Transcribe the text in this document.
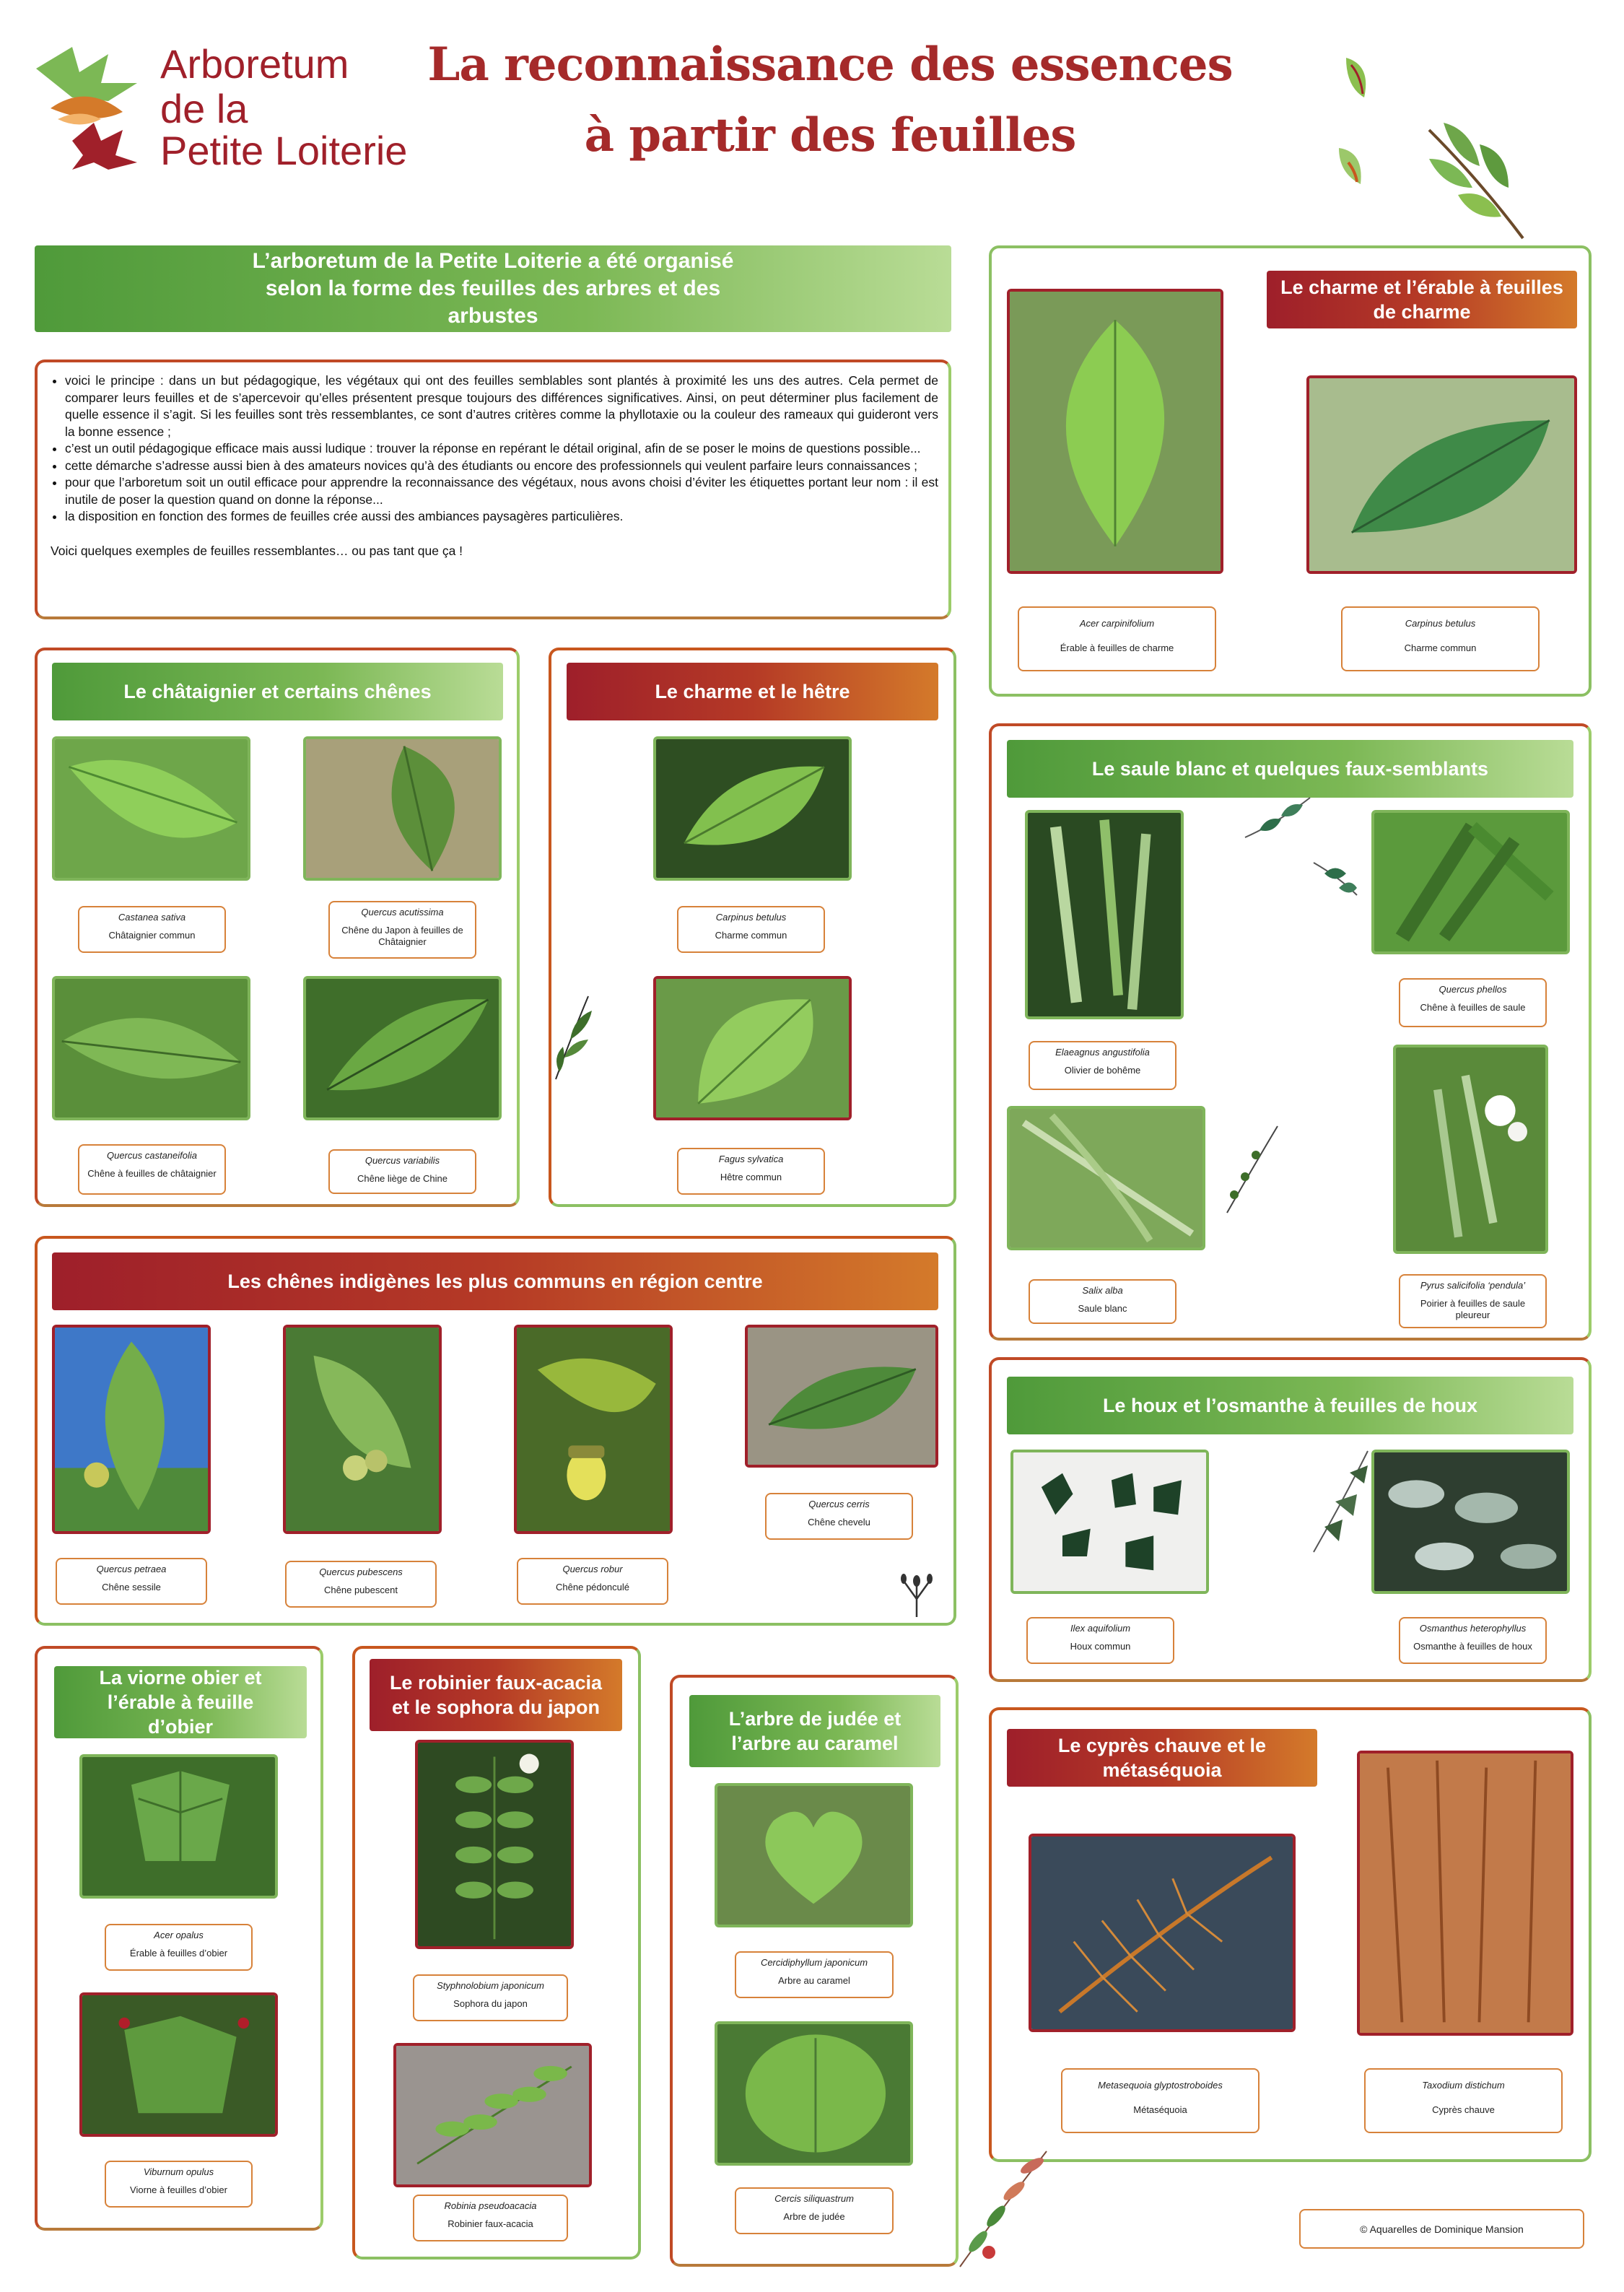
Arboretum
de la
Petite Loiterie
La reconnaissance des essences
à partir des feuilles
L’arboretum de la Petite Loiterie a été organisé selon la forme des feuilles des arbres et des arbustes
• voici le principe : dans un but pédagogique, les végétaux qui ont des feuilles semblables sont plantés à proximité les uns des autres. Cela permet de comparer leurs feuilles et de s’apercevoir qu’elles présentent presque toujours des différences significatives. Ainsi, on peut déterminer plus facilement de quelle essence il s’agit. Si les feuilles sont très ressemblantes, ce sont d’autres critères comme la phyllotaxie ou la couleur des rameaux qui guideront vers la bonne essence ;
• c’est un outil pédagogique efficace mais aussi ludique : trouver la réponse en repérant le détail original, afin de se poser le moins de questions possible...
• cette démarche s’adresse aussi bien à des amateurs novices qu’à des étudiants ou encore des professionnels qui veulent parfaire leurs connaissances ;
• pour que l’arboretum soit un outil efficace pour apprendre la reconnaissance des végétaux, nous avons choisi d’éviter les étiquettes portant leur nom : il est inutile de poser la question quand on donne la réponse...
• la disposition en fonction des formes de feuilles crée aussi des ambiances paysagères particulières.
Voici quelques exemples de feuilles ressemblantes… ou pas tant que ça !
Le châtaignier et certains chênes
Castanea sativa
Châtaignier commun
Quercus acutissima
Chêne du Japon à feuilles de Châtaignier
Quercus castaneifolia
Chêne à feuilles de châtaignier
Quercus variabilis
Chêne liège de Chine
Le charme et le hêtre
Carpinus betulus
Charme commun
Fagus sylvatica
Hêtre commun
Le charme et l’érable à feuilles de charme
Acer carpinifolium
Érable à feuilles de charme
Carpinus betulus
Charme commun
Le saule blanc et quelques faux-semblants
Quercus phellos
Chêne à feuilles de saule
Elaeagnus angustifolia
Olivier de bohême
Salix alba
Saule blanc
Pyrus salicifolia ‘pendula’
Poirier à feuilles de saule pleureur
Les chênes indigènes les plus communs en région centre
Quercus cerris
Chêne chevelu
Quercus petraea
Chêne sessile
Quercus pubescens
Chêne pubescent
Quercus robur
Chêne pédonculé
Le houx et l’osmanthe à feuilles de houx
Ilex aquifolium
Houx commun
Osmanthus heterophyllus
Osmanthe à feuilles de houx
La viorne obier et l’érable à feuille d’obier
Acer opalus
Érable à feuilles d’obier
Viburnum opulus
Viorne à feuilles d’obier
Le robinier faux-acacia et le sophora du japon
Styphnolobium japonicum
Sophora du japon
Robinia pseudoacacia
Robinier faux-acacia
L’arbre de judée et l’arbre au caramel
Cercidiphyllum japonicum
Arbre au caramel
Cercis siliquastrum
Arbre de judée
Le cyprès chauve et le métaséquoia
Metasequoia glyptostroboides
Métaséquoia
Taxodium distichum
Cyprès chauve
© Aquarelles de Dominique Mansion
